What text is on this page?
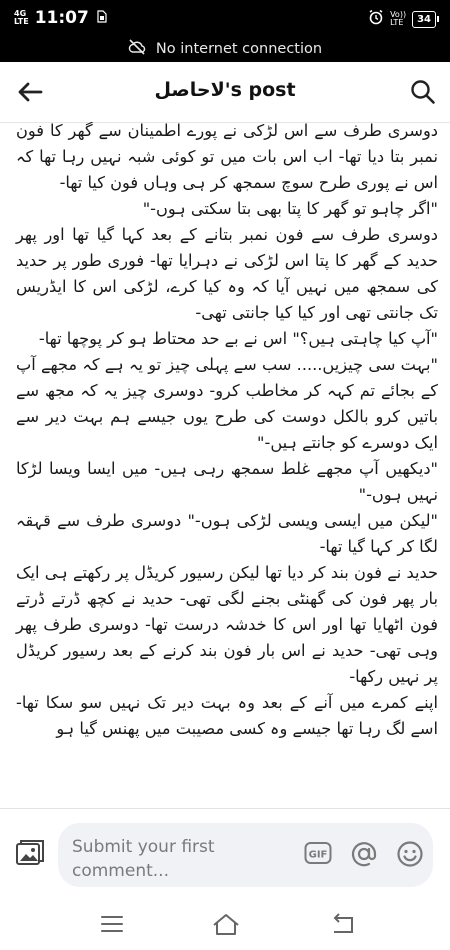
4G
LTE 11:07	Vo))
LTE	34
No internet connection
لاحاصل's post

دوسری طرف سے اس لڑکی نے پورے اطمینان سے گھر کا فون نمبر بتا دیا تھا- اب اس بات میں تو کوئی شبہ نہیں رہا تھا کہ اس نے پوری طرح سوچ سمجھ کر ہی وہاں فون کیا تھا-

"اگر چاہو تو گھر کا پتا بھی بتا سکتی ہوں-"

دوسری طرف سے فون نمبر بتانے کے بعد کہا گیا تھا اور پھر حدید کے گھر کا پتا اس لڑکی نے دہرایا تھا- فوری طور پر حدید کی سمجھ میں نہیں آیا کہ وہ کیا کرے، لڑکی اس کا ایڈریس تک جانتی تھی اور کیا کیا جانتی تھی-

"آپ کیا چاہتی ہیں؟" اس نے بے حد محتاط ہو کر پوچھا تھا-

"بہت سی چیزیں..... سب سے پہلی چیز تو یہ ہے کہ مجھے آپ کے بجائے تم کہہ کر مخاطب کرو- دوسری چیز یہ کہ مجھ سے باتیں کرو بالکل دوست کی طرح یوں جیسے ہم بہت دیر سے ایک دوسرے کو جانتے ہیں-"

"دیکھیں آپ مجھے غلط سمجھ رہی ہیں- میں ایسا ویسا لڑکا نہیں ہوں-"

"لیکن میں ایسی ویسی لڑکی ہوں-" دوسری طرف سے قہقہ لگا کر کہا گیا تھا-

حدید نے فون بند کر دیا تھا لیکن رسیور کریڈل پر رکھتے ہی ایک بار پھر فون کی گھنٹی بجنے لگی تھی- حدید نے کچھ ڈرتے ڈرتے فون اٹھایا تھا اور اس کا خدشہ درست تھا- دوسری طرف پھر وہی تھی- حدید نے اس بار فون بند کرنے کے بعد رسیور کریڈل پر نہیں رکھا-

اپنے کمرے میں آنے کے بعد وہ بہت دیر تک نہیں سو سکا تھا- اسے لگ رہا تھا جیسے وہ کسی مصیبت میں پھنس گیا ہو

Submit your first comment...
GIF
